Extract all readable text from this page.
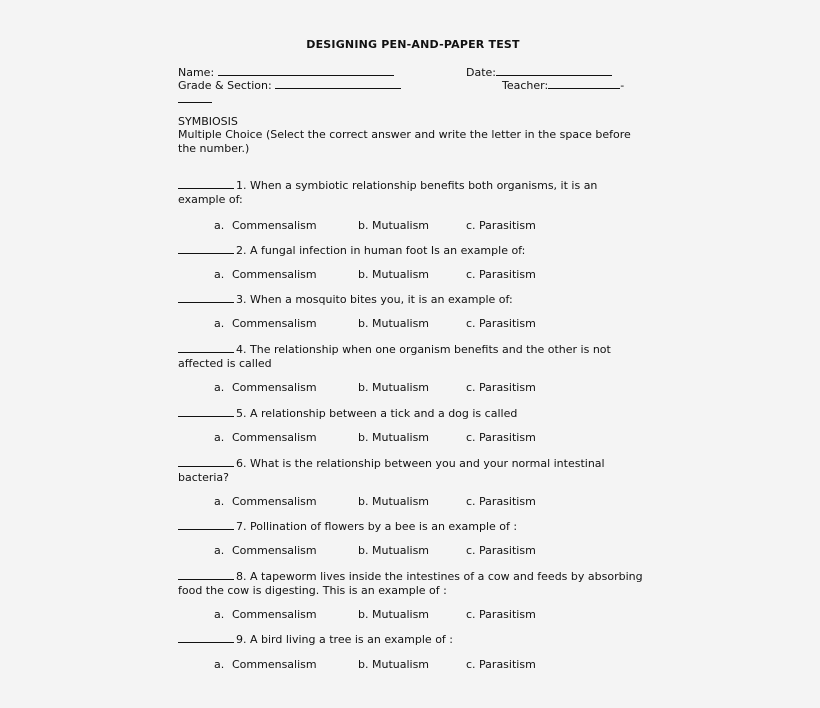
DESIGNING PEN-AND-PAPER TEST
Name:	Date:
Grade & Section:	Teacher:	-
SYMBIOSIS
Multiple Choice (Select the correct answer and write the letter in the space before the number.)
1. When a symbiotic relationship benefits both organisms, it is an example of:
a. Commensalism	b. Mutualism	c. Parasitism
2. A fungal infection in human foot Is an example of:
a. Commensalism	b. Mutualism	c. Parasitism
3. When a mosquito bites you, it is an example of:
a. Commensalism	b. Mutualism	c. Parasitism
4. The relationship when one organism benefits and the other is not affected is called
a. Commensalism	b. Mutualism	c. Parasitism
5. A relationship between a tick and a dog is called
a. Commensalism	b. Mutualism	c. Parasitism
6. What is the relationship between you and your normal intestinal bacteria?
a. Commensalism	b. Mutualism	c. Parasitism
7. Pollination of flowers by a bee is an example of :
a. Commensalism	b. Mutualism	c. Parasitism
8. A tapeworm lives inside the intestines of a cow and feeds by absorbing food the cow is digesting. This is an example of :
a. Commensalism	b. Mutualism	c. Parasitism
9. A bird living a tree is an example of :
a. Commensalism	b. Mutualism	c. Parasitism
